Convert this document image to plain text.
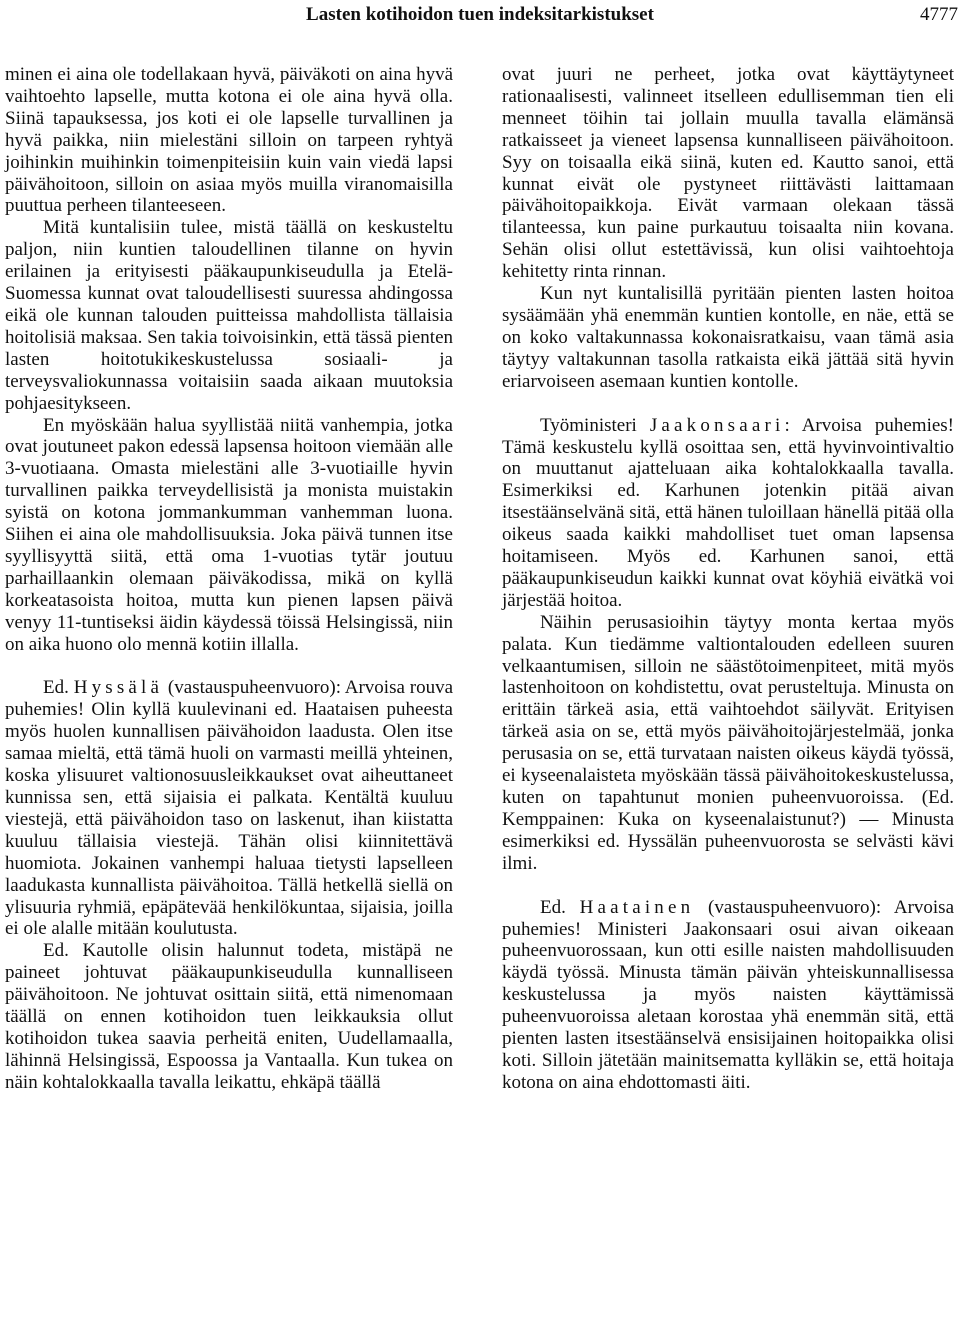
Lasten kotihoidon tuen indeksitarkistukset	4777

minen ei aina ole todellakaan hyvä, päiväkoti on aina hyvä vaihtoehto lapselle, mutta kotona ei ole aina hyvä olla. Siinä tapauksessa, jos koti ei ole lapselle turvallinen ja hyvä paikka, niin mielestäni silloin on tarpeen ryhtyä joihinkin muihinkin toimenpiteisiin kuin vain viedä lapsi päivähoitoon, silloin on asiaa myös muilla viranomaisilla puuttua perheen tilanteeseen.

Mitä kuntalisiin tulee, mistä täällä on keskusteltu paljon, niin kuntien taloudellinen tilanne on hyvin erilainen ja erityisesti pääkaupunkiseudulla ja Etelä-Suomessa kunnat ovat taloudellisesti suuressa ahdingossa eikä ole kunnan talouden puitteissa mahdollista tällaisia hoitolisiä maksaa. Sen takia toivoisinkin, että tässä pienten lasten hoitotukikeskustelussa sosiaali- ja terveysvaliokunnassa voitaisiin saada aikaan muutoksia pohjaesitykseen.

En myöskään halua syyllistää niitä vanhempia, jotka ovat joutuneet pakon edessä lapsensa hoitoon viemään alle 3-vuotiaana. Omasta mielestäni alle 3-vuotiaille hyvin turvallinen paikka terveydellisistä ja monista muistakin syistä on kotona jommankumman vanhemman luona. Siihen ei aina ole mahdollisuuksia. Joka päivä tunnen itse syyllisyyttä siitä, että oma 1-vuotias tytär joutuu parhaillaankin olemaan päiväkodissa, mikä on kyllä korkeatasoista hoitoa, mutta kun pienen lapsen päivä venyy 11-tuntiseksi äidin käydessä töissä Helsingissä, niin on aika huono olo mennä kotiin illalla.

Ed. Hyssälä (vastauspuheenvuoro): Arvoisa rouva puhemies! Olin kyllä kuulevinani ed. Haataisen puheesta myös huolen kunnallisen päivähoidon laadusta. Olen itse samaa mieltä, että tämä huoli on varmasti meillä yhteinen, koska ylisuuret valtionosuusleikkaukset ovat aiheuttaneet kunnissa sen, että sijaisia ei palkata. Kentältä kuuluu viestejä, että päivähoidon taso on laskenut, ihan kiistatta kuuluu tällaisia viestejä. Tähän olisi kiinnitettävä huomiota. Jokainen vanhempi haluaa tietysti lapselleen laadukasta kunnallista päivähoitoa. Tällä hetkellä siellä on ylisuuria ryhmiä, epäpätevää henkilökuntaa, sijaisia, joilla ei ole alalle mitään koulutusta.

Ed. Kautolle olisin halunnut todeta, mistäpä ne paineet johtuvat pääkaupunkiseudulla kunnalliseen päivähoitoon. Ne johtuvat osittain siitä, että nimenomaan täällä on ennen kotihoidon tuen leikkauksia ollut kotihoidon tukea saavia perheitä eniten, Uudellamaalla, lähinnä Helsingissä, Espoossa ja Vantaalla. Kun tukea on näin kohtalokkaalla tavalla leikattu, ehkäpä täällä

ovat juuri ne perheet, jotka ovat käyttäytyneet rationaalisesti, valinneet itselleen edullisemman tien eli menneet töihin tai jollain muulla tavalla elämänsä ratkaisseet ja vieneet lapsensa kunnalliseen päivähoitoon. Syy on toisaalla eikä siinä, kuten ed. Kautto sanoi, että kunnat eivät ole pystyneet riittävästi laittamaan päivähoitopaikkoja. Eivät varmaan olekaan tässä tilanteessa, kun paine purkautuu toisaalta niin kovana. Sehän olisi ollut estettävissä, kun olisi vaihtoehtoja kehitetty rinta rinnan.

Kun nyt kuntalisillä pyritään pienten lasten hoitoa sysäämään yhä enemmän kuntien kontolle, en näe, että se on koko valtakunnassa kokonaisratkaisu, vaan tämä asia täytyy valtakunnan tasolla ratkaista eikä jättää sitä hyvin eriarvoiseen asemaan kuntien kontolle.

Työministeri Jaakonsaari: Arvoisa puhemies! Tämä keskustelu kyllä osoittaa sen, että hyvinvointivaltio on muuttanut ajatteluaan aika kohtalokkaalla tavalla. Esimerkiksi ed. Karhunen jotenkin pitää aivan itsestäänselvänä sitä, että hänen tuloillaan hänellä pitää olla oikeus saada kaikki mahdolliset tuet oman lapsensa hoitamiseen. Myös ed. Karhunen sanoi, että pääkaupunkiseudun kaikki kunnat ovat köyhiä eivätkä voi järjestää hoitoa.

Näihin perusasioihin täytyy monta kertaa myös palata. Kun tiedämme valtiontalouden edelleen suuren velkaantumisen, silloin ne säästötoimenpiteet, mitä myös lastenhoitoon on kohdistettu, ovat perusteltuja. Minusta on erittäin tärkeä asia, että vaihtoehdot säilyvät. Erityisen tärkeä asia on se, että myös päivähoitojärjestelmää, jonka perusasia on se, että turvataan naisten oikeus käydä työssä, ei kyseenalaisteta myöskään tässä päivähoitokeskustelussa, kuten on tapahtunut monien puheenvuoroissa. (Ed. Kemppainen: Kuka on kyseenalaistunut?) — Minusta esimerkiksi ed. Hyssälän puheenvuorosta se selvästi kävi ilmi.

Ed. Haatainen (vastauspuheenvuoro): Arvoisa puhemies! Ministeri Jaakonsaari osui aivan oikeaan puheenvuorossaan, kun otti esille naisten mahdollisuuden käydä työssä. Minusta tämän päivän yhteiskunnallisessa keskustelussa ja myös naisten käyttämissä puheenvuoroissa aletaan korostaa yhä enemmän sitä, että pienten lasten itsestäänselvä ensisijainen hoitopaikka olisi koti. Silloin jätetään mainitsematta kylläkin se, että hoitaja kotona on aina ehdottomasti äiti.
